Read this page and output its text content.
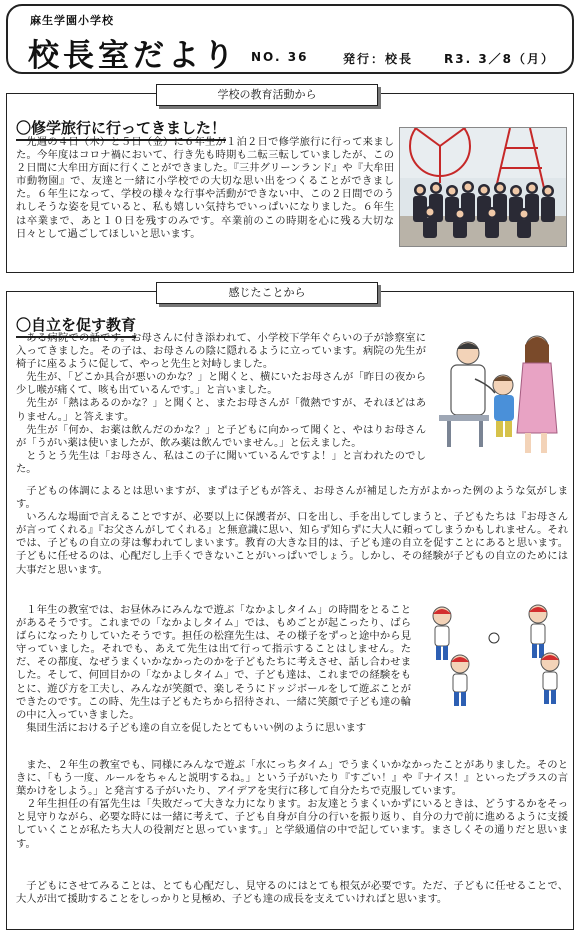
麻生学園小学校
校長室だより NO. 36	発行：校長	R3. 3／8（月）
学校の教育活動から
〇修学旅行に行ってきました！

先週の４日（木）と５日（金）に６年生が１泊２日で修学旅行に行って来ました。今年度はコロナ禍において、行き先も時期も二転三転していましたが、この２日間に大牟田方面に行くことができました。『三井グリーンランド』や『大牟田市動物園』で、友達と一緒に小学校での大切な思い出をつくることができました。６年生になって、学校の様々な行事や活動ができない中、この２日間でのうれしそうな姿を見ていると、私も嬉しい気持ちでいっぱいになりました。６年生は卒業まで、あと１０日を残すのみです。卒業前のこの時期を心に残る大切な日々として過ごしてほしいと思います。

感じたことから
〇自立を促す教育

ある病院での話です。お母さんに付き添われて、小学校下学年ぐらいの子が診察室に入ってきました。その子は、お母さんの陰に隠れるように立っています。病院の先生が椅子に座るように促して、やっと先生と対峙しました。

先生が、「どこか具合が悪いのかな？」と聞くと、横にいたお母さんが「昨日の夜から少し喉が痛くて、咳も出ているんです。」と言いました。

先生が「熱はあるのかな？」と聞くと、またお母さんが「微熱ですが、それほどはありません。」と答えます。

先生が「何か、お薬は飲んだのかな？」と子どもに向かって聞くと、やはりお母さんが「うがい薬は使いましたが、飲み薬は飲んでいません。」と伝えました。

とうとう先生は「お母さん、私はこの子に聞いているんですよ！」と言われたのでした。

子どもの体調によるとは思いますが、まずは子どもが答え、お母さんが補足した方がよかった例のような気がします。

いろんな場面で言えることですが、必要以上に保護者が、口を出し、手を出してしまうと、子どもたちは『お母さんが言ってくれる』『お父さんがしてくれる』と無意識に思い、知らず知らずに大人に頼ってしまうかもしれません。それでは、子どもの自立の芽は奪われてしまいます。教育の大きな目的は、子ども達の自立を促すことにあると思います。子どもに任せるのは、心配だし上手くできないことがいっぱいでしょう。しかし、その経験が子どもの自立のためには大事だと思います。

１年生の教室では、お昼休みにみんなで遊ぶ「なかよしタイム」の時間をとることがあるそうです。これまでの「なかよしタイム」では、もめごとが起こったり、ばらばらになったりしていたそうです。担任の松窪先生は、その様子をずっと途中から見守っていました。それでも、あえて先生は出て行って指示することはしません。ただ、その都度、なぜうまくいかなかったのかを子どもたちに考えさせ、話し合わせました。そして、何回目かの「なかよしタイム」で、子ども達は、これまでの経験をもとに、遊び方を工夫し、みんなが笑顔で、楽しそうにドッジボールをして遊ぶことができたのです。この時、先生は子どもたちから招待され、一緒に笑顔で子ども達の輪の中に入っていきました。

集団生活における子ども達の自立を促したとてもいい例のように思います

また、２年生の教室でも、同様にみんなで遊ぶ「水にっちタイム」でうまくいかなかったことがありました。そのときに、「もう一度、ルールをちゃんと説明するね。」という子がいたり『すごい！』や『ナイス！』といったプラスの言葉かけをしよう。」と発言する子がいたり、アイデアを実行に移して自分たちで克服しています。

２年生担任の有冨先生は「失敗だって大きな力になります。お友達とうまくいかずにいるときは、どうするかをそっと見守りながら、必要な時には一緒に考えて、子ども自身が自分の行いを振り返り、自分の力で前に進めるように支援していくことが私たち大人の役割だと思っています。」と学級通信の中で記しています。まさしくその通りだと思います。

子どもにさせてみることは、とても心配だし、見守るのにはとても根気が必要です。ただ、子どもに任せることで、大人が出て援助することをしっかりと見極め、子ども達の成長を支えていければと思います。
